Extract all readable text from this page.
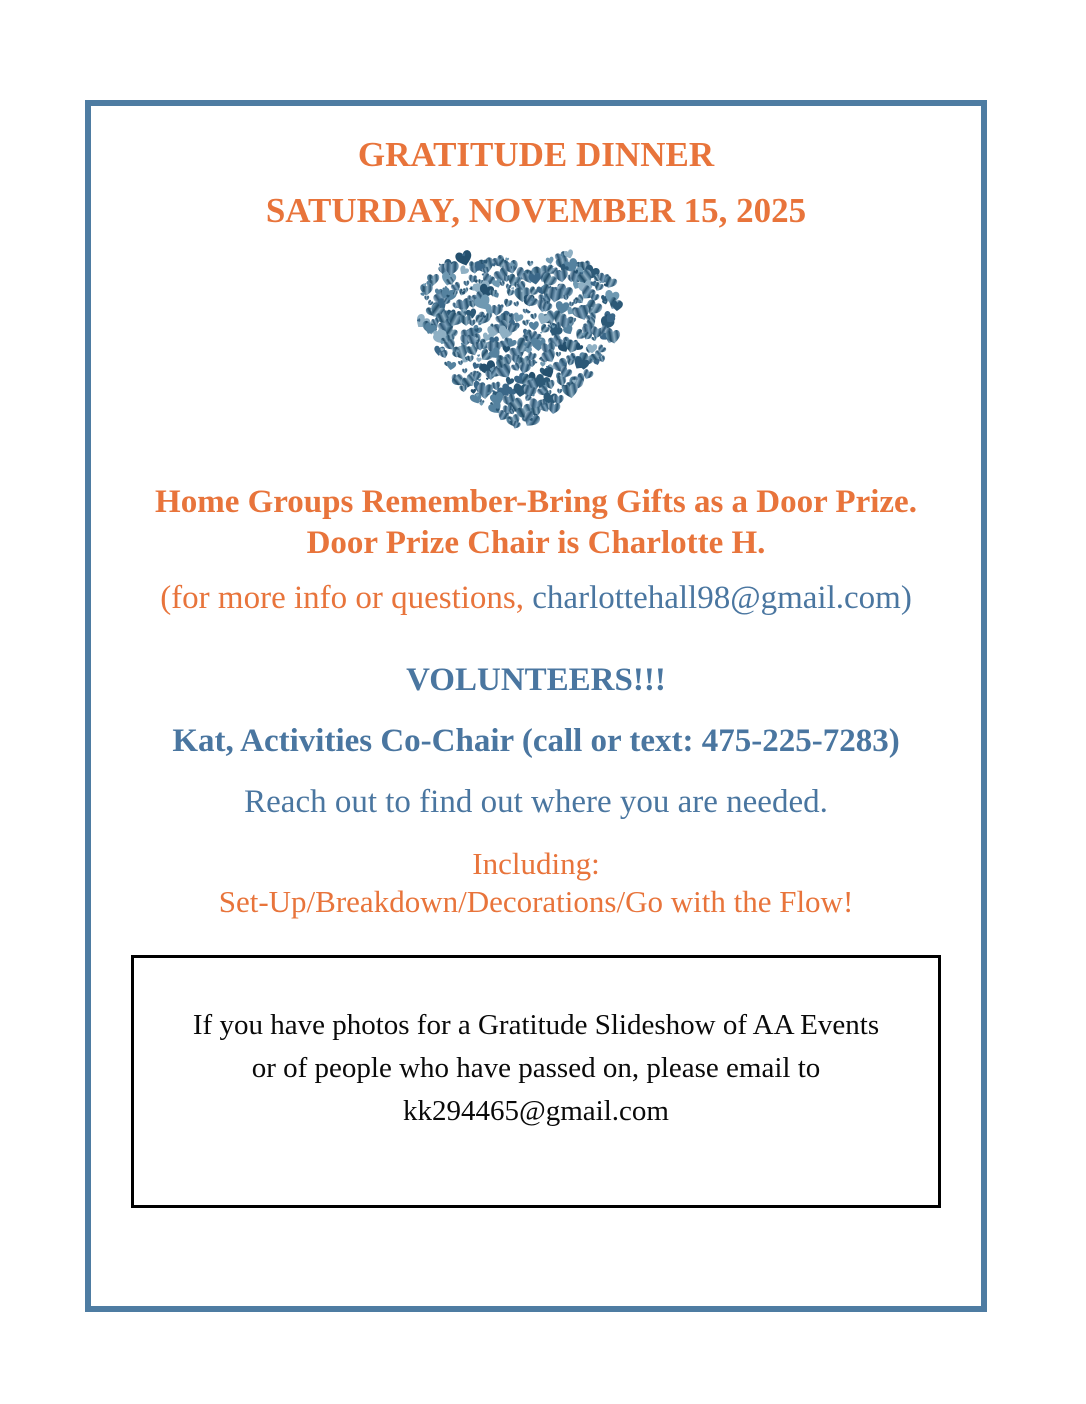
GRATITUDE DINNER
SATURDAY, NOVEMBER 15, 2025
Home Groups Remember-Bring Gifts as a Door Prize.
Door Prize Chair is Charlotte H.
(for more info or questions, charlottehall98@gmail.com)
VOLUNTEERS!!!
Kat, Activities Co-Chair (call or text: 475-225-7283)
Reach out to find out where you are needed.
Including:
Set-Up/Breakdown/Decorations/Go with the Flow!
If you have photos for a Gratitude Slideshow of AA Events
or of people who have passed on, please email to
kk294465@gmail.com
